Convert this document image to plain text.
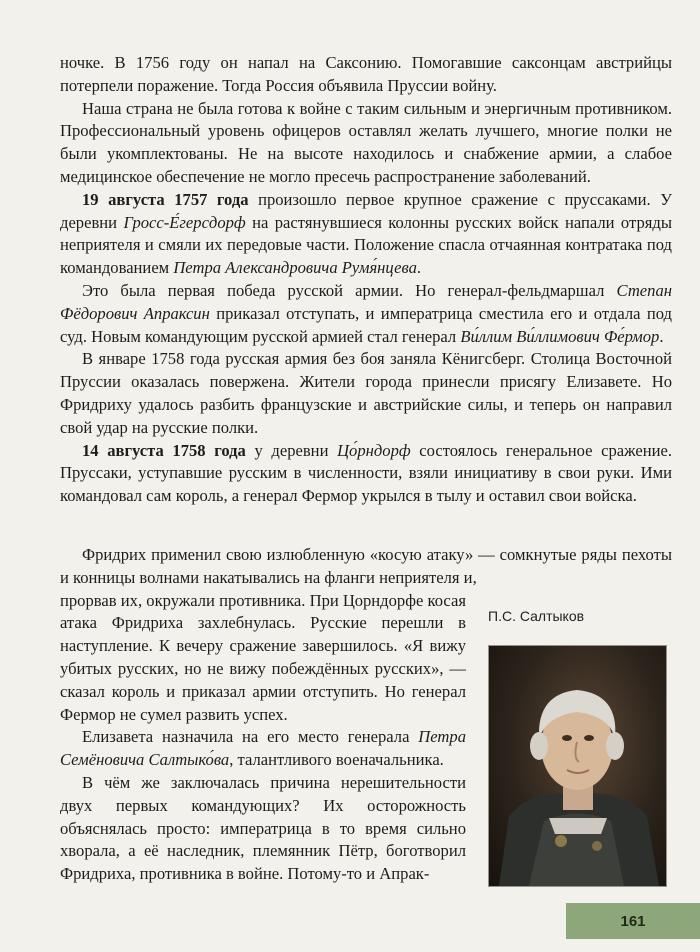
ночке. В 1756 году он напал на Саксонию. Помогавшие саксонцам австрийцы потерпели поражение. Тогда Россия объявила Пруссии войну.

Наша страна не была готова к войне с таким сильным и энергичным противником. Профессиональный уровень офицеров оставлял желать лучшего, многие полки не были укомплектованы. Не на высоте находилось и снабжение армии, а слабое медицинское обеспечение не могло пресечь распространение заболеваний.

19 августа 1757 года произошло первое крупное сражение с пруссаками. У деревни Гросс-Е́герсдорф на растянувшиеся колонны русских войск напали отряды неприятеля и смяли их передовые части. Положение спасла отчаянная контратака под командованием Петра Александровича Румя́нцева.

Это была первая победа русской армии. Но генерал-фельдмаршал Степан Фёдорович Апраксин приказал отступать, и императрица сместила его и отдала под суд. Новым командующим русской армией стал генерал Ви́ллим Ви́ллимович Фе́рмор.

В январе 1758 года русская армия без боя заняла Кёнигсберг. Столица Восточной Пруссии оказалась повержена. Жители города принесли присягу Елизавете. Но Фридриху удалось разбить французские и австрийские силы, и теперь он направил свой удар на русские полки.

14 августа 1758 года у деревни Цо́рндорф состоялось генеральное сражение. Пруссаки, уступавшие русским в численности, взяли инициативу в свои руки. Ими командовал сам король, а генерал Фермор укрылся в тылу и оставил свои войска.

Фридрих применил свою излюбленную «косую атаку» — сомкнутые ряды пехоты и конницы волнами накатывались на фланги неприятеля и,

прорвав их, окружали противника. При Цорндорфе косая атака Фридриха захлебнулась. Русские перешли в наступление. К вечеру сражение завершилось. «Я вижу убитых русских, но не вижу побеждённых русских», — сказал король и приказал армии отступить. Но генерал Фермор не сумел развить успех.

Елизавета назначила на его место генерала Петра Семёновича Салтыко́ва, талантливого военачальника.

В чём же заключалась причина нерешительности двух первых командующих? Их осторожность объяснялась просто: императрица в то время сильно хворала, а её наследник, племянник Пётр, боготворил Фридриха, противника в войне. Потому-то и Апрак-

П.С. Салтыков
161
